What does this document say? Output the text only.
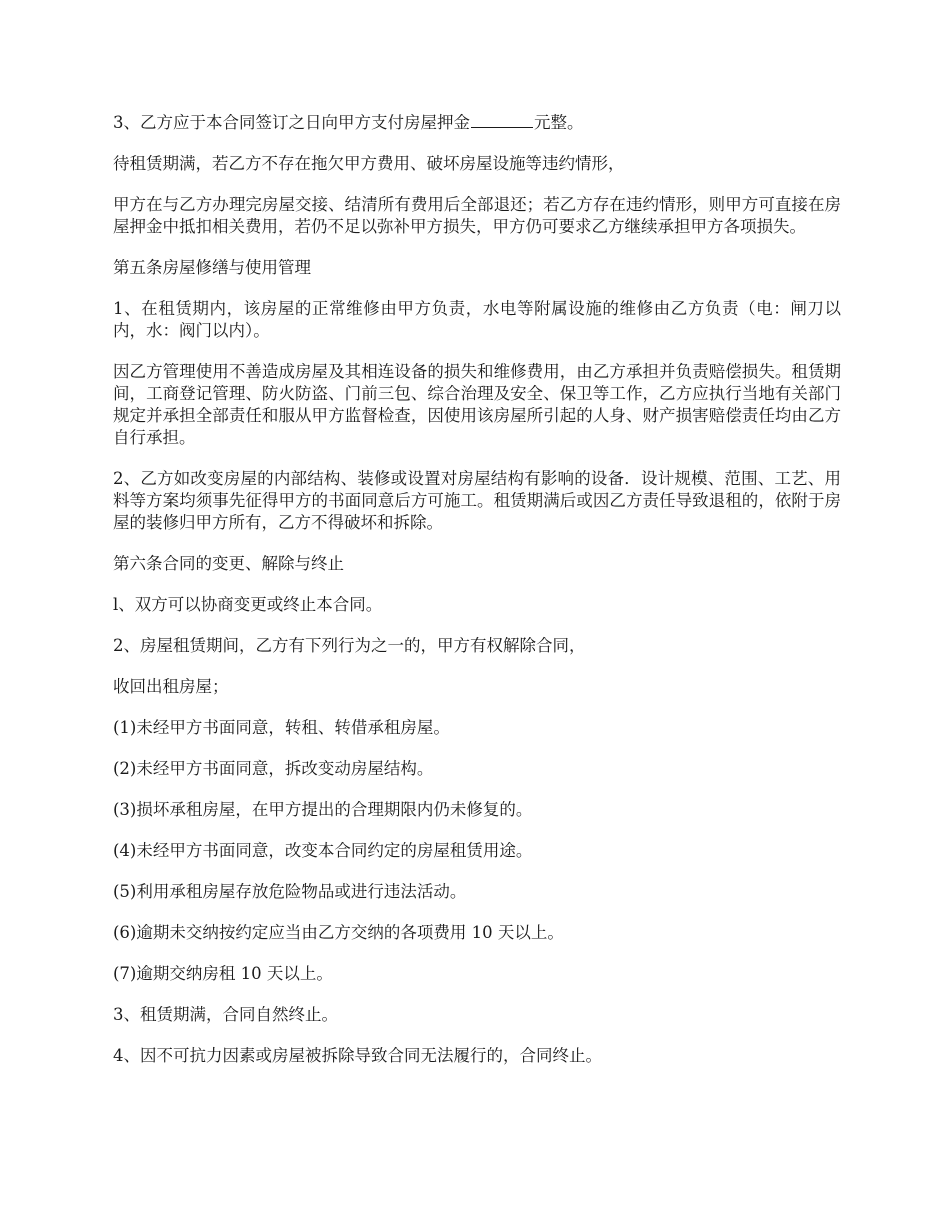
3、乙方应于本合同签订之日向甲方支付房屋押金	元整。

待租赁期满，若乙方不存在拖欠甲方费用、破坏房屋设施等违约情形，

甲方在与乙方办理完房屋交接、结清所有费用后全部退还；若乙方存在违约情形，则甲方可直接在房屋押金中抵扣相关费用，若仍不足以弥补甲方损失，甲方仍可要求乙方继续承担甲方各项损失。

第五条房屋修缮与使用管理

1、在租赁期内，该房屋的正常维修由甲方负责，水电等附属设施的维修由乙方负责（电：闸刀以内，水：阀门以内）。

因乙方管理使用不善造成房屋及其相连设备的损失和维修费用，由乙方承担并负责赔偿损失。租赁期间，工商登记管理、防火防盗、门前三包、综合治理及安全、保卫等工作，乙方应执行当地有关部门规定并承担全部责任和服从甲方监督检查，因使用该房屋所引起的人身、财产损害赔偿责任均由乙方自行承担。

2、乙方如改变房屋的内部结构、装修或设置对房屋结构有影响的设备．设计规模、范围、工艺、用料等方案均须事先征得甲方的书面同意后方可施工。租赁期满后或因乙方责任导致退租的，依附于房屋的装修归甲方所有，乙方不得破坏和拆除。

第六条合同的变更、解除与终止

l、双方可以协商变更或终止本合同。

2、房屋租赁期间，乙方有下列行为之一的，甲方有权解除合同，

收回出租房屋；

(1)未经甲方书面同意，转租、转借承租房屋。

(2)未经甲方书面同意，拆改变动房屋结构。

(3)损坏承租房屋，在甲方提出的合理期限内仍未修复的。

(4)未经甲方书面同意，改变本合同约定的房屋租赁用途。

(5)利用承租房屋存放危险物品或进行违法活动。

(6)逾期未交纳按约定应当由乙方交纳的各项费用 10 天以上。

(7)逾期交纳房租 10 天以上。

3、租赁期满，合同自然终止。

4、因不可抗力因素或房屋被拆除导致合同无法履行的，合同终止。
